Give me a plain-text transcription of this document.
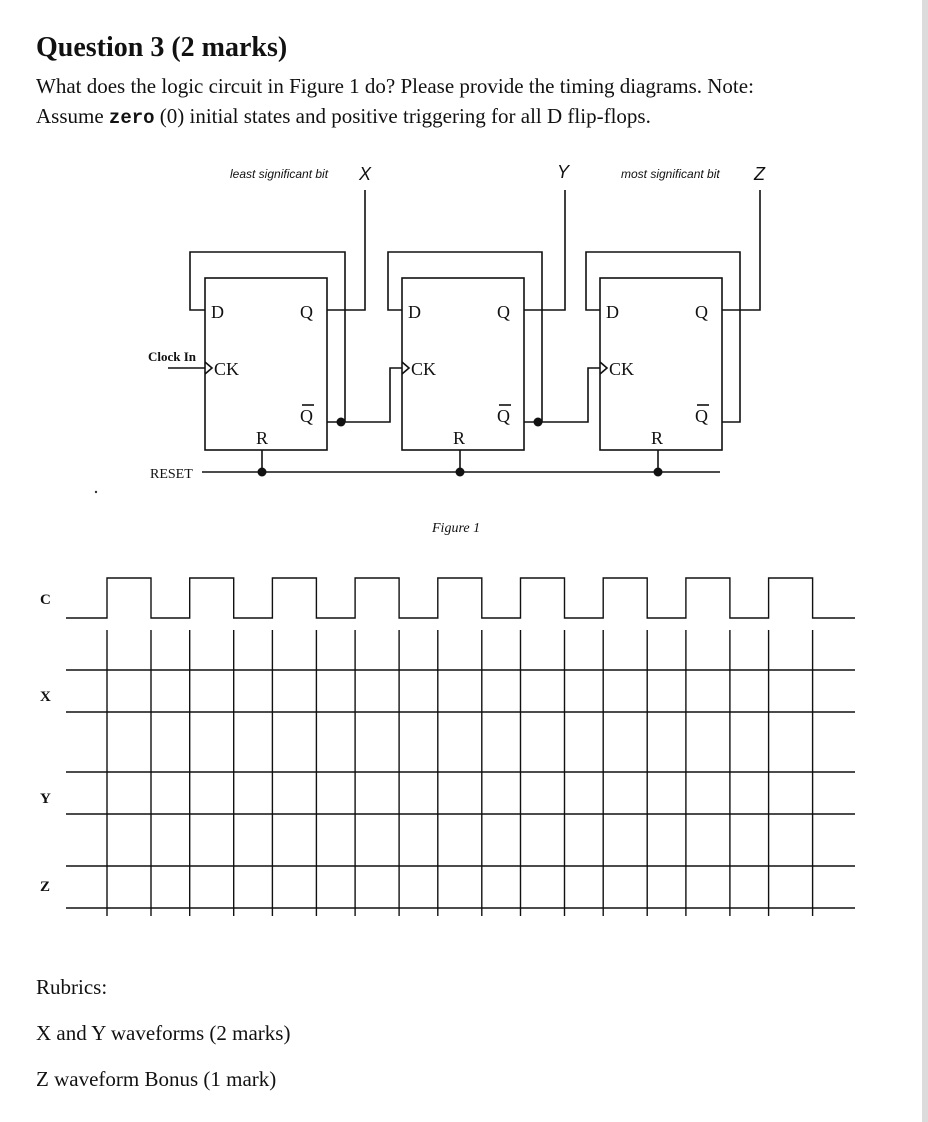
Question 3 (2 marks)
What does the logic circuit in Figure 1 do? Please provide the timing diagrams. Note:
Assume zero (0) initial states and positive triggering for all D flip-flops.
least significant bit X	Y	most significant bit Z
D	Q
CK
Q
R
D	Q
CK
Q
R
D	Q
CK
Q
R
Clock In
RESET
Figure 1
C
X
Y
Z
Rubrics:
X and Y waveforms (2 marks)
Z waveform Bonus (1 mark)
